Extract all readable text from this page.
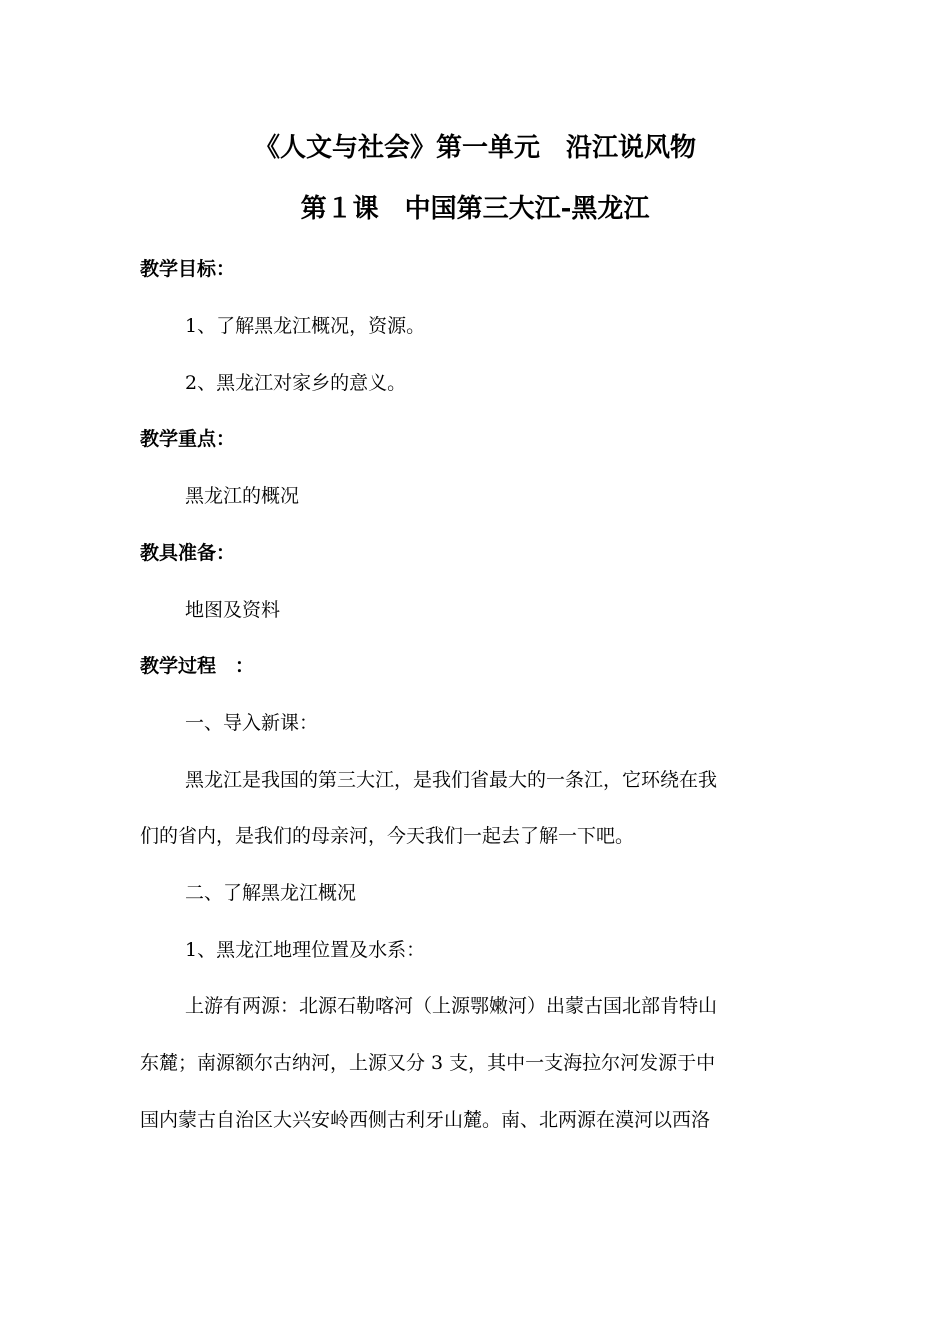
《人文与社会》第一单元　沿江说风物
第１课　中国第三大江-黑龙江
教学目标：
1、了解黑龙江概况，资源。
2、黑龙江对家乡的意义。
教学重点：
黑龙江的概况
教具准备：
地图及资料
教学过程　：
一、导入新课：
黑龙江是我国的第三大江，是我们省最大的一条江，它环绕在我
们的省内，是我们的母亲河，今天我们一起去了解一下吧。
二、了解黑龙江概况
1、黑龙江地理位置及水系：
上游有两源：北源石勒喀河（上源鄂嫩河）出蒙古国北部肯特山
东麓；南源额尔古纳河，上源又分 3 支，其中一支海拉尔河发源于中
国内蒙古自治区大兴安岭西侧古利牙山麓。南、北两源在漠河以西洛
